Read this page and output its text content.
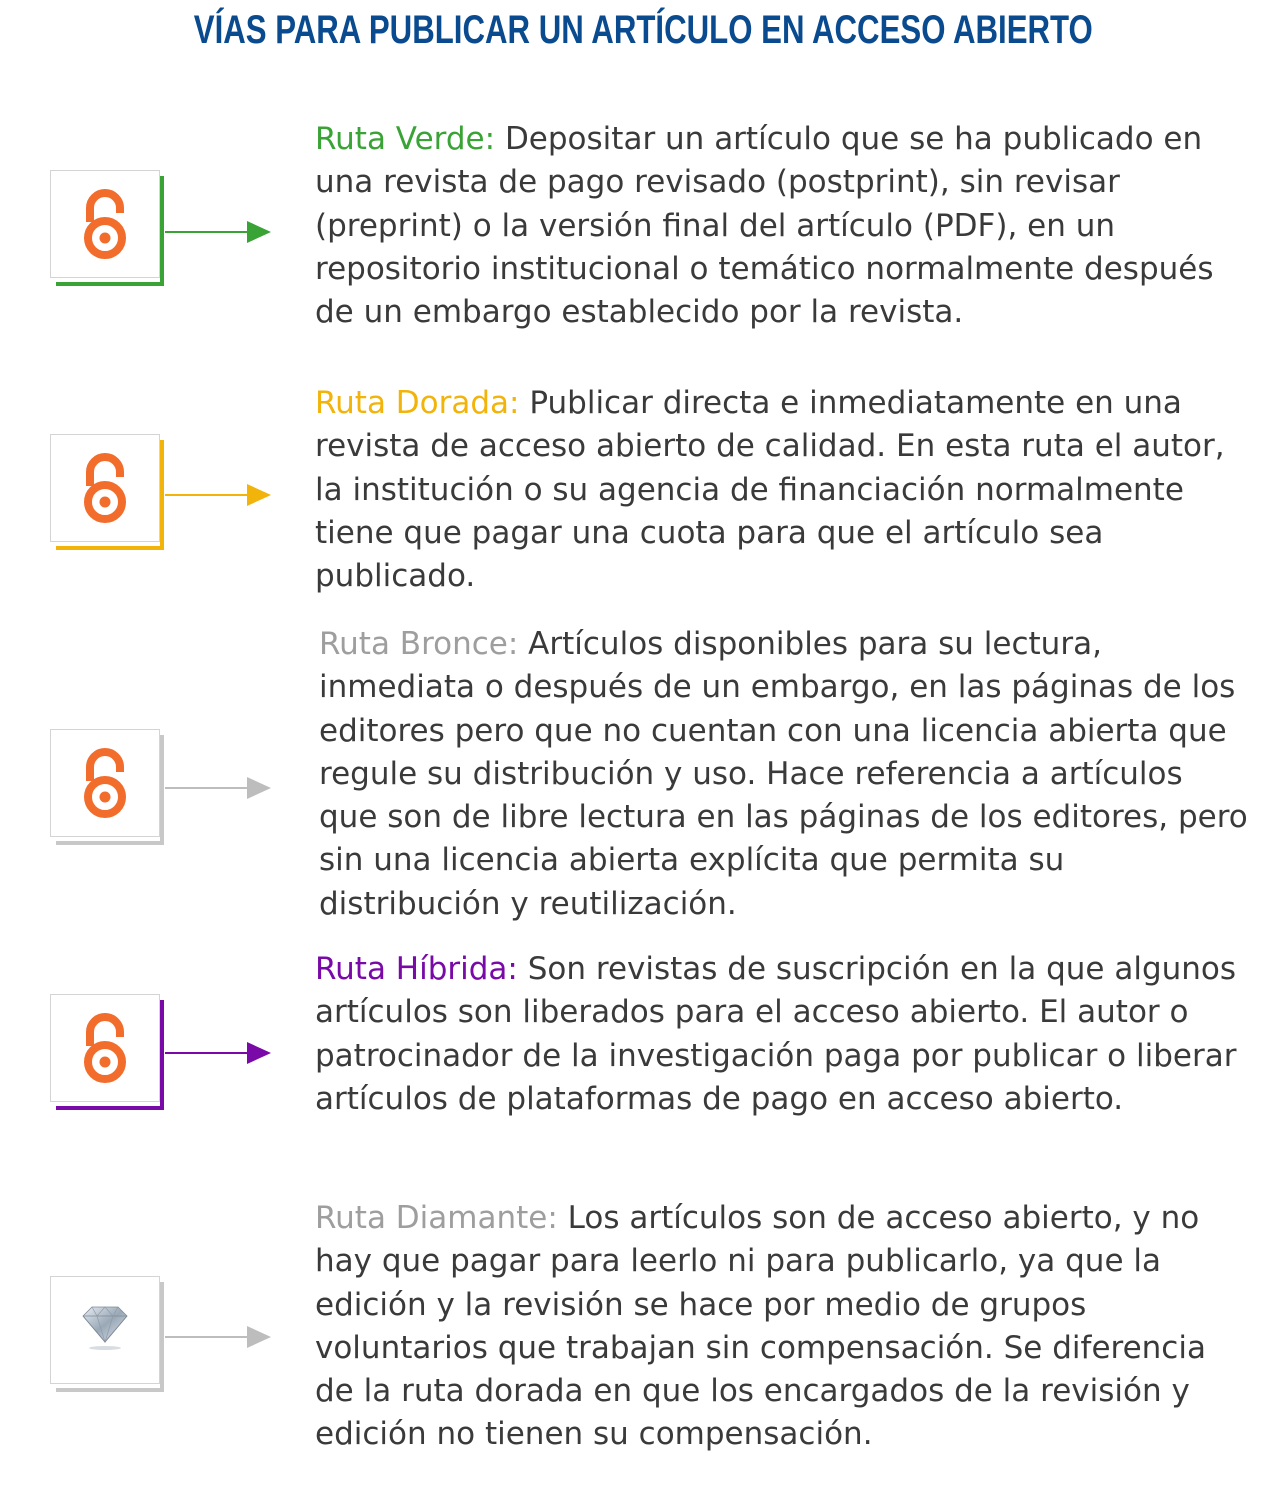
VÍAS PARA PUBLICAR UN ARTÍCULO EN ACCESO ABIERTO
Ruta Verde: Depositar un artículo que se ha publicado en una revista de pago revisado (postprint), sin revisar (preprint) o la versión final del artículo (PDF), en un repositorio institucional o temático normalmente después de un embargo establecido por la revista.
Ruta Dorada: Publicar directa e inmediatamente en una revista de acceso abierto de calidad. En esta ruta el autor, la institución o su agencia de financiación normalmente tiene que pagar una cuota para que el artículo sea publicado.
Ruta Bronce: Artículos disponibles para su lectura, inmediata o después de un embargo, en las páginas de los editores pero que no cuentan con una licencia abierta que regule su distribución y uso. Hace referencia a artículos que son de libre lectura en las páginas de los editores, pero sin una licencia abierta explícita que permita su distribución y reutilización.
Ruta Híbrida: Son revistas de suscripción en la que algunos artículos son liberados para el acceso abierto. El autor o patrocinador de la investigación paga por publicar o liberar artículos de plataformas de pago en acceso abierto.
Ruta Diamante: Los artículos son de acceso abierto, y no hay que pagar para leerlo ni para publicarlo, ya que la edición y la revisión se hace por medio de grupos voluntarios que trabajan sin compensación. Se diferencia de la ruta dorada en que los encargados de la revisión y edición no tienen su compensación.
